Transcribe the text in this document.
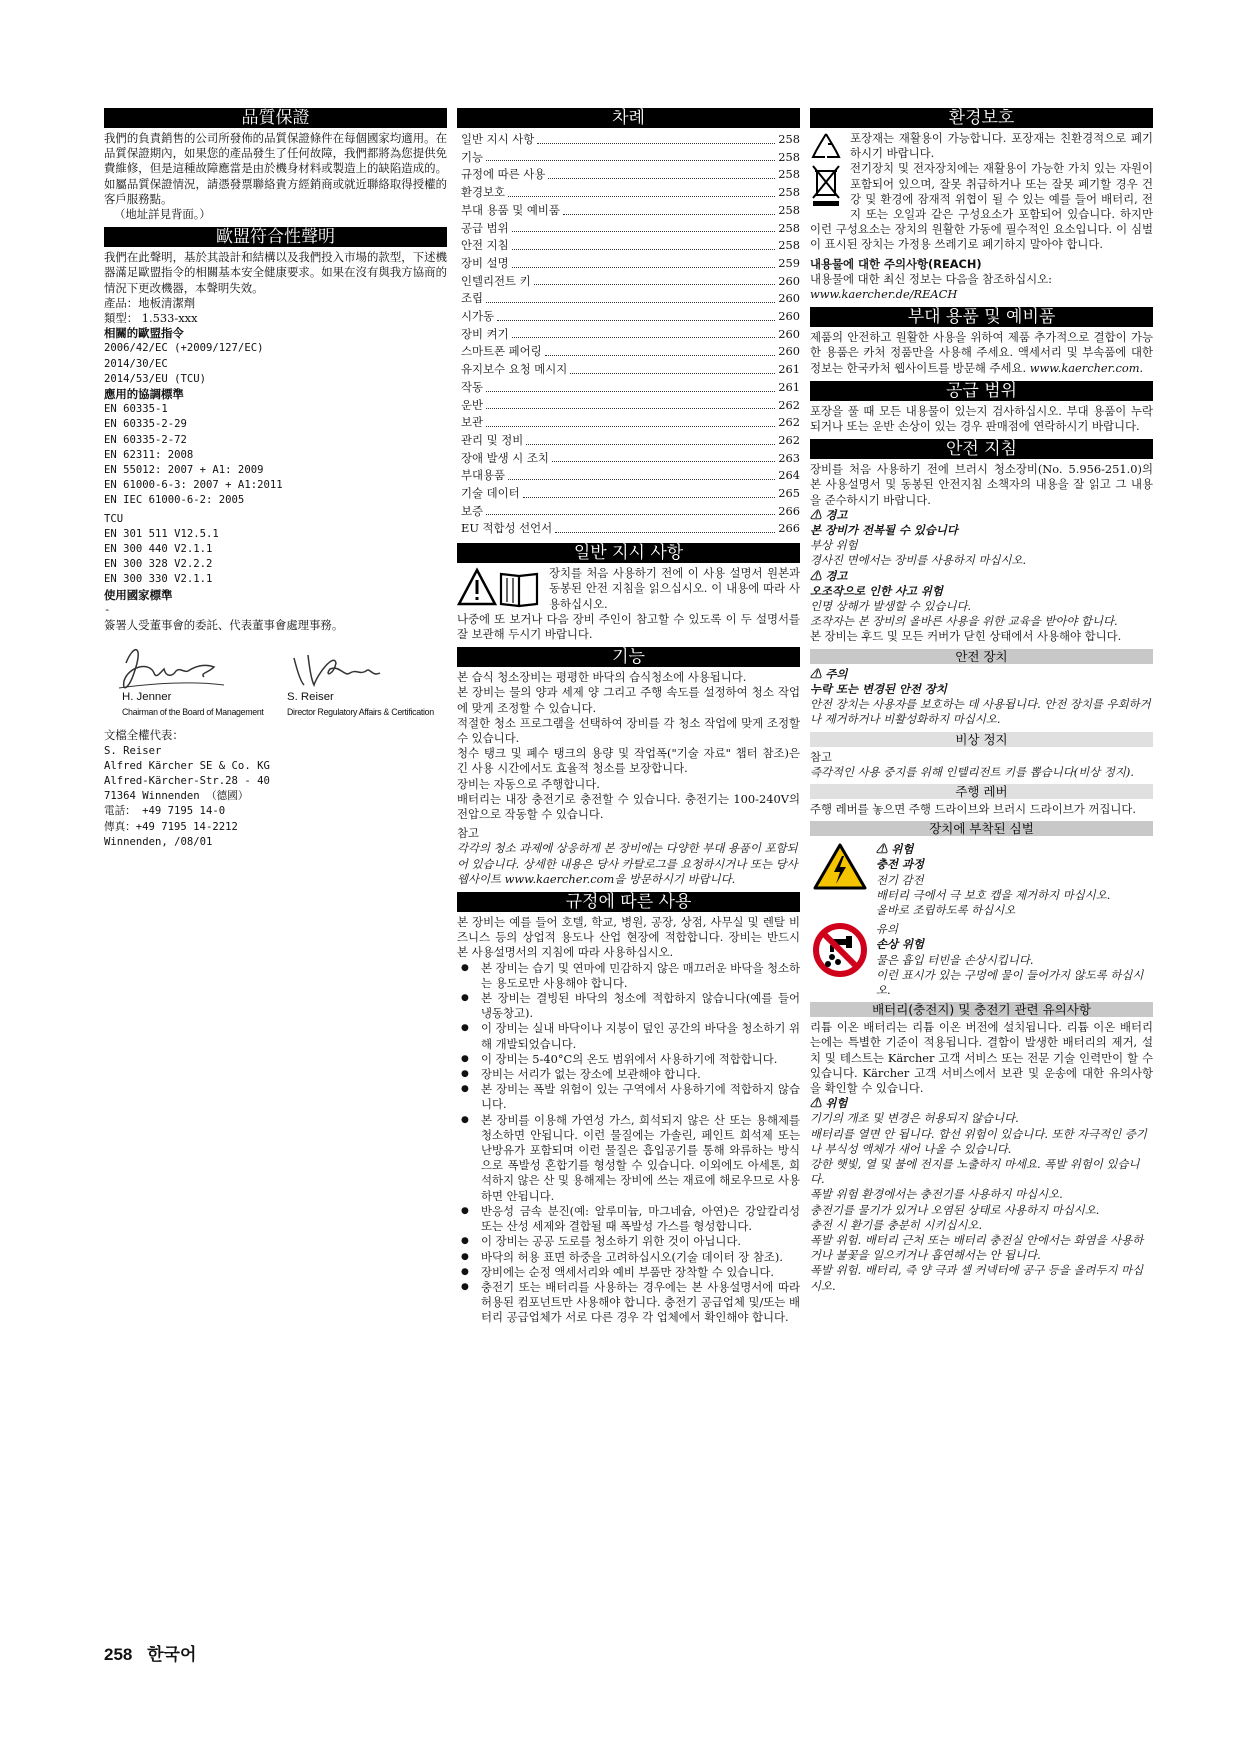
品質保證

我們的負責銷售的公司所發佈的品質保證條件在每個國家均適用。在品質保證期內，如果您的產品發生了任何故障，我們都將為您提供免費維修，但是這種故障應當是由於機身材料或製造上的缺陷造成的。如屬品質保證情況，請憑發票聯絡貴方經銷商或就近聯絡取得授權的客戶服務點。

（地址詳見背面。）

歐盟符合性聲明

我們在此聲明，基於其設計和結構以及我們投入市場的款型，下述機器滿足歐盟指令的相關基本安全健康要求。如果在沒有與我方協商的情況下更改機器，本聲明失效。

產品：地板清潔劑

類型： 1.533-xxx

相關的歐盟指令

2006/42/EC (+2009/127/EC)

2014/30/EC

2014/53/EU (TCU)

應用的協調標準

EN 60335-1

EN 60335-2-29

EN 60335-2-72

EN 62311: 2008

EN 55012: 2007 + A1: 2009

EN 61000-6-3: 2007 + A1:2011

EN IEC 61000-6-2: 2005

TCU

EN 301 511 V12.5.1

EN 300 440 V2.1.1

EN 300 328 V2.2.2

EN 300 330 V2.1.1

使用國家標準

-

簽署人受董事會的委託、代表董事會處理事務。

H. Jenner
Chairman of the Board of Management
S. Reiser
Director Regulatory Affairs & Certification

文檔全權代表：

S. Reiser

Alfred Kärcher SE & Co. KG

Alfred-Kärcher-Str.28 - 40

71364 Winnenden （德國）

電話： +49 7195 14-0

傳真：+49 7195 14-2212

Winnenden, /08/01

차례
일반 지시 사항	258
기능	258
규정에 따른 사용	258
환경보호	258
부대 용품 및 예비품	258
공급 범위	258
안전 지침	258
장비 설명	259
인텔리전트 키	260
조립	260
시가동	260
장비 켜기	260
스마트폰 페어링	260
유지보수 요청 메시지	261
작동	261
운반	262
보관	262
관리 및 정비	262
장애 발생 시 조치	263
부대용품	264
기술 데이터	265
보증	266
EU 적합성 선언서	266
일반 지시 사항

장치를 처음 사용하기 전에 이 사용 설명서 원본과 동봉된 안전 지침을 읽으십시오. 이 내용에 따라 사용하십시오.

나중에 또 보거나 다음 장비 주인이 참고할 수 있도록 이 두 설명서를 잘 보관해 두시기 바랍니다.

기능

본 습식 청소장비는 평평한 바닥의 습식청소에 사용됩니다.

본 장비는 물의 양과 세제 양 그리고 주행 속도를 설정하여 청소 작업에 맞게 조정할 수 있습니다.

적절한 청소 프로그램을 선택하여 장비를 각 청소 작업에 맞게 조정할 수 있습니다.

청수 탱크 및 폐수 탱크의 용량 및 작업폭("기술 자료" 챕터 참조)은 긴 사용 시간에서도 효율적 청소를 보장합니다.

장비는 자동으로 주행합니다.

배터리는 내장 충전기로 충전할 수 있습니다. 충전기는 100-240V의 전압으로 작동할 수 있습니다.

참고

각각의 청소 과제에 상응하게 본 장비에는 다양한 부대 용품이 포함되어 있습니다. 상세한 내용은 당사 카탈로그를 요청하시거나 또는 당사 웹사이트 www.kaercher.com을 방문하시기 바랍니다.

규정에 따른 사용

본 장비는 예를 들어 호텔, 학교, 병원, 공장, 상점, 사무실 및 렌탈 비즈니스 등의 상업적 용도나 산업 현장에 적합합니다. 장비는 반드시 본 사용설명서의 지침에 따라 사용하십시오.

● 본 장비는 습기 및 연마에 민감하지 않은 매끄러운 바닥을 청소하는 용도로만 사용해야 합니다.
● 본 장비는 결빙된 바닥의 청소에 적합하지 않습니다(예를 들어 냉동창고).
● 이 장비는 실내 바닥이나 지붕이 덮인 공간의 바닥을 청소하기 위해 개발되었습니다.
● 이 장비는 5-40°C의 온도 범위에서 사용하기에 적합합니다.
● 장비는 서리가 없는 장소에 보관해야 합니다.
● 본 장비는 폭발 위험이 있는 구역에서 사용하기에 적합하지 않습니다.
● 본 장비를 이용해 가연성 가스, 희석되지 않은 산 또는 용해제를 청소하면 안됩니다. 이런 물질에는 가솔린, 페인트 희석제 또는 난방유가 포함되며 이런 물질은 흡입공기를 통해 와류하는 방식으로 폭발성 혼합기를 형성할 수 있습니다. 이외에도 아세톤, 희석하지 않은 산 및 용해제는 장비에 쓰는 재료에 해로우므로 사용하면 안됩니다.
● 반응성 금속 분진(예: 알루미늄, 마그네슘, 아연)은 강알칼리성 또는 산성 세제와 결합될 때 폭발성 가스를 형성합니다.
● 이 장비는 공공 도로를 청소하기 위한 것이 아닙니다.
● 바닥의 허용 표면 하중을 고려하십시오(기술 데이터 장 참조).
● 장비에는 순정 액세서리와 예비 부품만 장착할 수 있습니다.
● 충전기 또는 배터리를 사용하는 경우에는 본 사용설명서에 따라 허용된 컴포넌트만 사용해야 합니다. 충전기 공급업체 및/또는 배터리 공급업체가 서로 다른 경우 각 업체에서 확인해야 합니다.
환경보호

포장재는 재활용이 가능합니다. 포장재는 친환경적으로 폐기하시기 바랍니다.

전기장치 및 전자장치에는 재활용이 가능한 가치 있는 자원이 포함되어 있으며, 잘못 취급하거나 또는 잘못 폐기할 경우 건강 및 환경에 잠재적 위협이 될 수 있는 예를 들어 배터리, 전지 또는 오일과 같은 구성요소가 포함되어 있습니다. 하지만 이런 구성요소는 장치의 원활한 가동에 필수적인 요소입니다. 이 심벌이 표시된 장치는 가정용 쓰레기로 폐기하지 말아야 합니다.

내용물에 대한 주의사항(REACH)

내용물에 대한 최신 정보는 다음을 참조하십시오:

www.kaercher.de/REACH

부대 용품 및 예비품

제품의 안전하고 원활한 사용을 위하여 제품 추가적으로 결합이 가능한 용품은 카처 정품만을 사용해 주세요. 액세서리 및 부속품에 대한 정보는 한국카처 웹사이트를 방문해 주세요. www.kaercher.com.

공급 범위

포장을 풀 때 모든 내용물이 있는지 검사하십시오. 부대 용품이 누락되거나 또는 운반 손상이 있는 경우 판매점에 연락하시기 바랍니다.

안전 지침

장비를 처음 사용하기 전에 브러시 청소장비(No. 5.956-251.0)의 본 사용설명서 및 동봉된 안전지침 소책자의 내용을 잘 읽고 그 내용을 준수하시기 바랍니다.

⚠ 경고

본 장비가 전복될 수 있습니다

부상 위험

경사진 면에서는 장비를 사용하지 마십시오.

⚠ 경고

오조작으로 인한 사고 위험

인명 상해가 발생할 수 있습니다.

조작자는 본 장비의 올바른 사용을 위한 교육을 받아야 합니다.

본 장비는 후드 및 모든 커버가 닫힌 상태에서 사용해야 합니다.

안전 장치

⚠ 주의

누락 또는 변경된 안전 장치

안전 장치는 사용자를 보호하는 데 사용됩니다. 안전 장치를 우회하거나 제거하거나 비활성화하지 마십시오.

비상 정지

참고

즉각적인 사용 중지를 위해 인텔리전트 키를 뽑습니다(비상 정지).

주행 레버

주행 레버를 놓으면 주행 드라이브와 브러시 드라이브가 꺼집니다.

장치에 부착된 심벌

⚠ 위험

충전 과정

전기 감전

배터리 극에서 극 보호 캡을 제거하지 마십시오.

올바로 조립하도록 하십시오

유의

손상 위험

물은 흡입 터빈을 손상시킵니다.

이런 표시가 있는 구멍에 물이 들어가지 않도록 하십시오.

배터리(충전지) 및 충전기 관련 유의사항

리튬 이온 배터리는 리튬 이온 버전에 설치됩니다. 리튬 이온 배터리는에는 특별한 기준이 적용됩니다. 결함이 발생한 배터리의 제거, 설치 및 테스트는 Kärcher 고객 서비스 또는 전문 기술 인력만이 할 수 있습니다. Kärcher 고객 서비스에서 보관 및 운송에 대한 유의사항을 확인할 수 있습니다.

⚠ 위험

기기의 개조 및 변경은 허용되지 않습니다.

배터리를 열면 안 됩니다. 합선 위험이 있습니다. 또한 자극적인 증기나 부식성 액체가 새어 나올 수 있습니다.

강한 햇빛, 열 및 불에 전지를 노출하지 마세요. 폭발 위험이 있습니다.

폭발 위험 환경에서는 충전기를 사용하지 마십시오.

충전기를 물기가 있거나 오염된 상태로 사용하지 마십시오.

충전 시 환기를 충분히 시키십시오.

폭발 위험. 배터리 근처 또는 배터리 충전실 안에서는 화염을 사용하거나 불꽃을 일으키거나 흡연해서는 안 됩니다.

폭발 위험. 배터리, 즉 양 극과 셀 커넥터에 공구 등을 올려두지 마십시오.

258 한국어
